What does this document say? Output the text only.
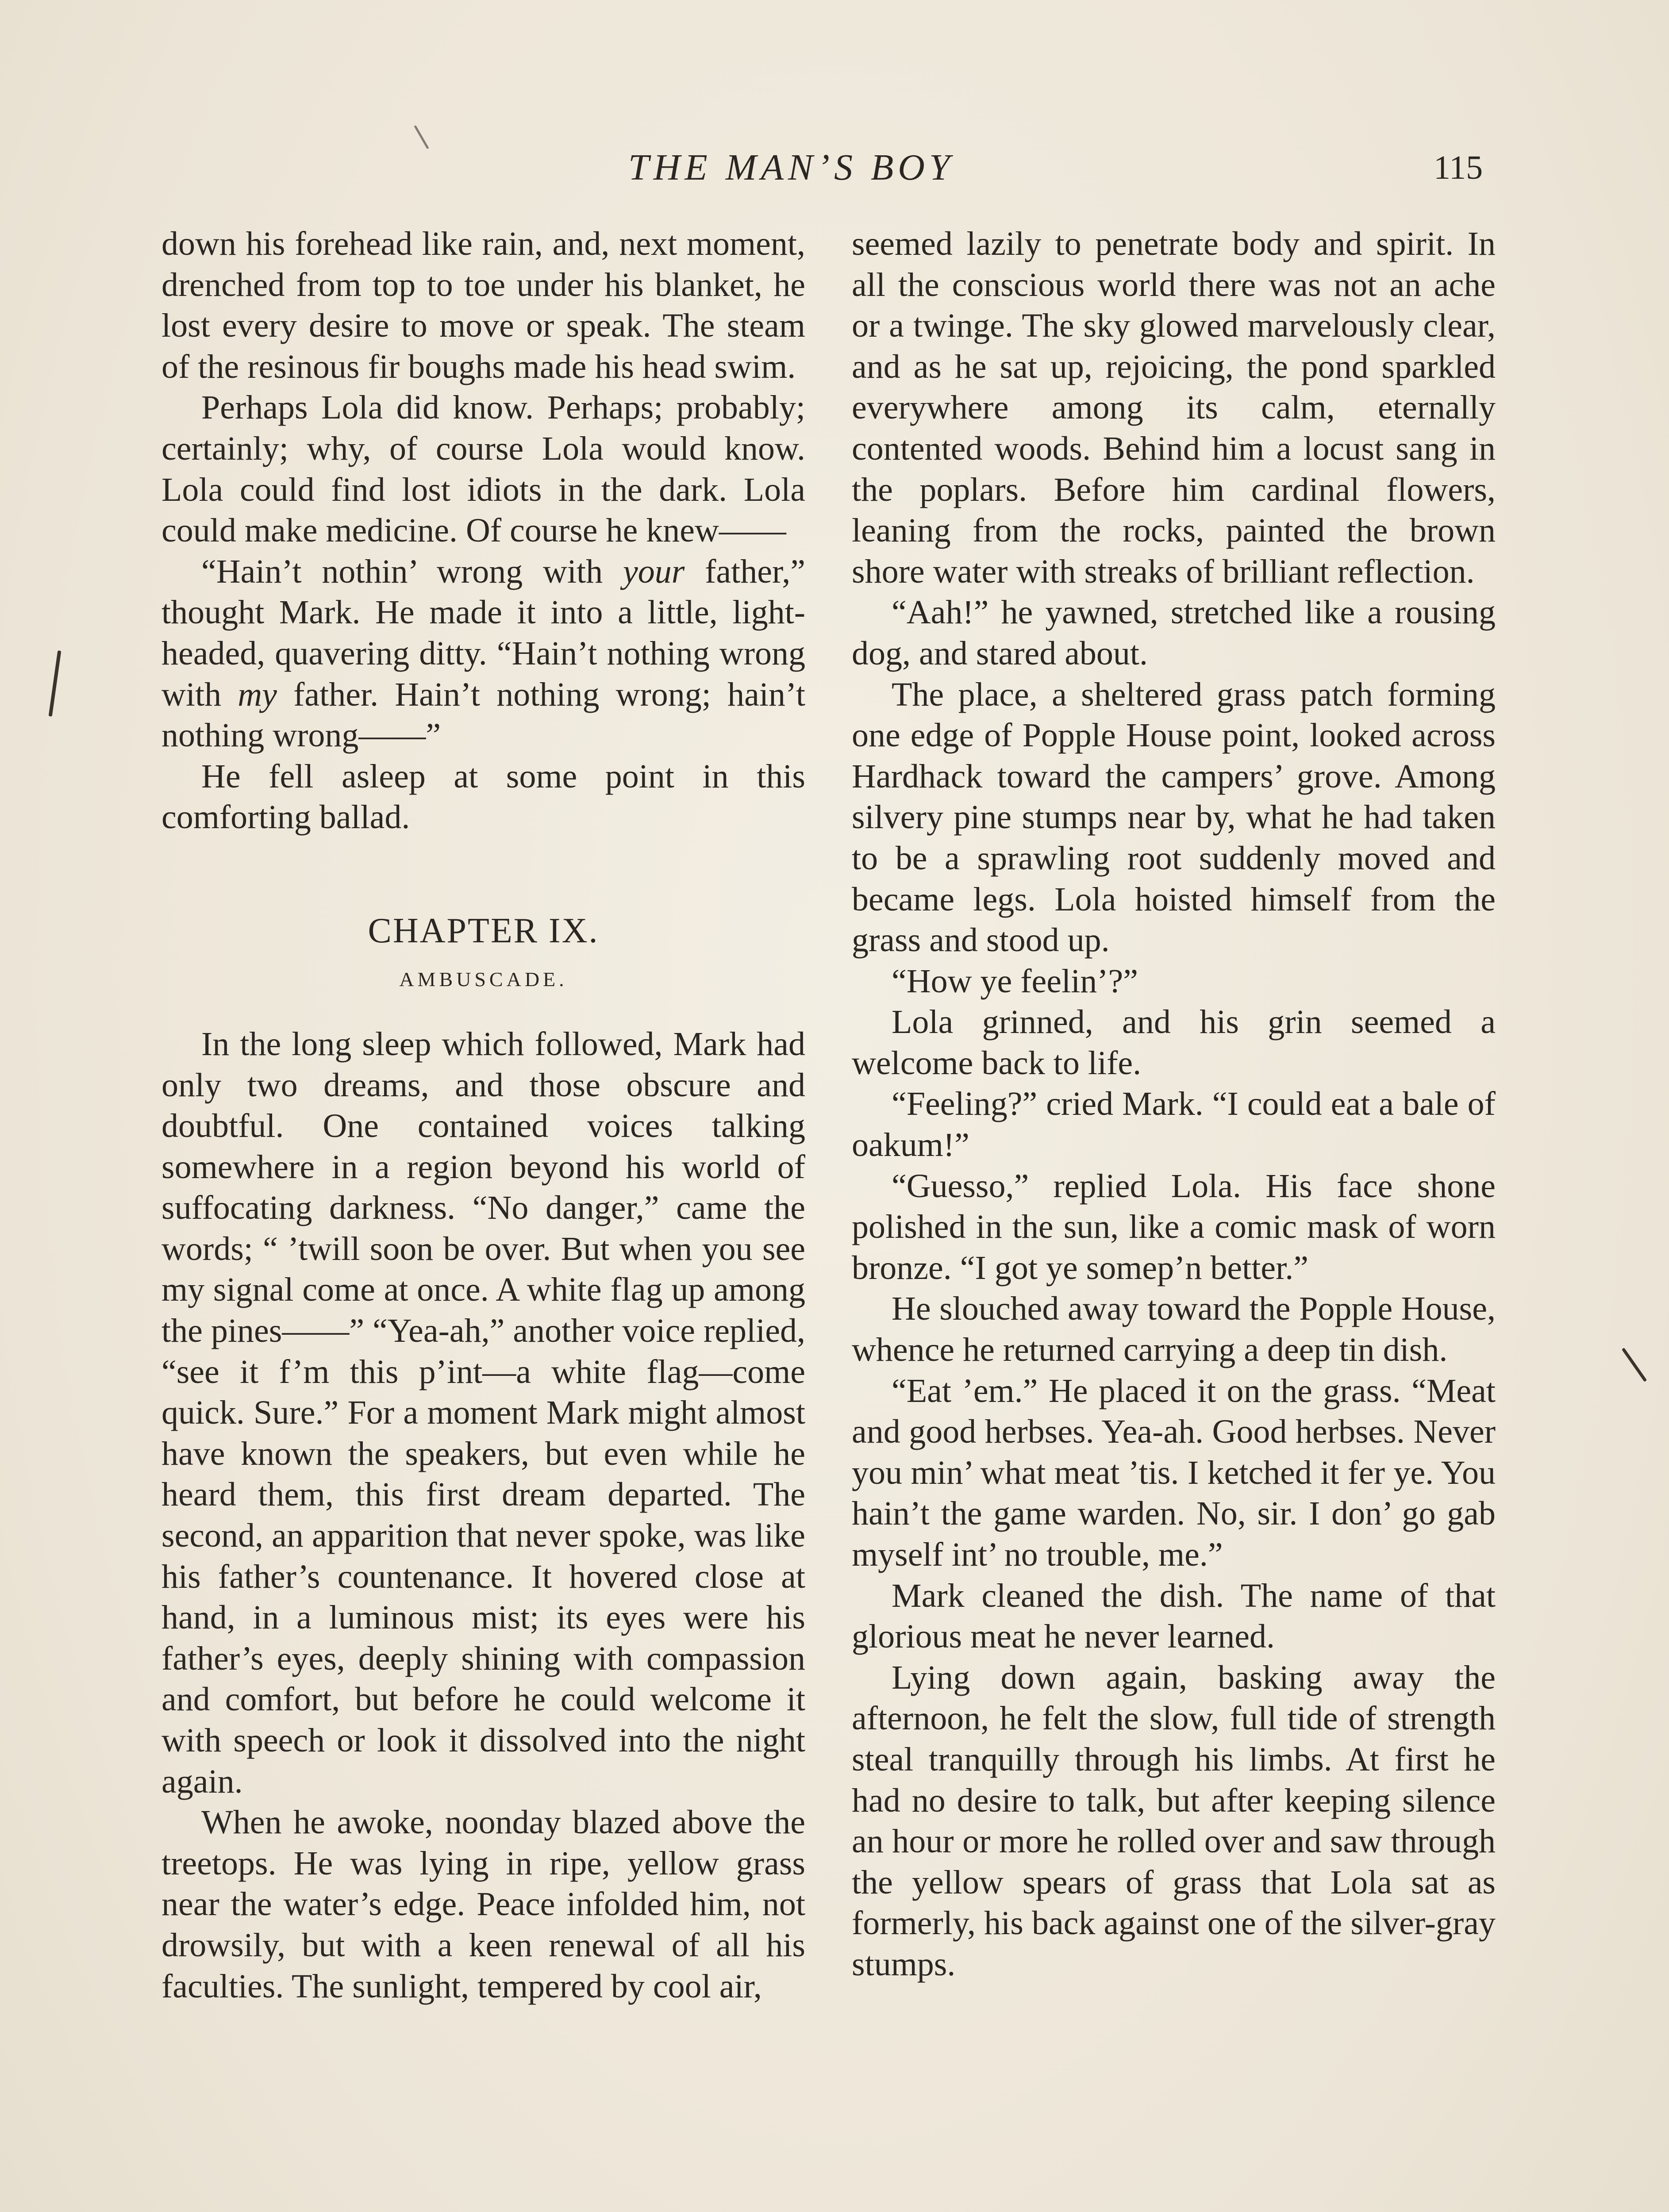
THE MAN’S BOY	115

down his forehead like rain, and, next moment, drenched from top to toe under his blanket, he lost every desire to move or speak. The steam of the resinous fir boughs made his head swim.

Perhaps Lola did know. Perhaps; probably; certainly; why, of course Lola would know. Lola could find lost idiots in the dark. Lola could make medicine. Of course he knew——

“Hain’t nothin’ wrong with your father,” thought Mark. He made it into a little, light-headed, quavering ditty. “Hain’t nothing wrong with my father. Hain’t nothing wrong; hain’t nothing wrong——”

He fell asleep at some point in this comforting ballad.

CHAPTER IX.
AMBUSCADE.

In the long sleep which followed, Mark had only two dreams, and those obscure and doubtful. One contained voices talking somewhere in a region beyond his world of suffocating darkness. “No danger,” came the words; “ ’twill soon be over. But when you see my signal come at once. A white flag up among the pines——” “Yea-ah,” another voice replied, “see it f’m this p’int—a white flag—come quick. Sure.” For a moment Mark might almost have known the speakers, but even while he heard them, this first dream departed. The second, an apparition that never spoke, was like his father’s countenance. It hovered close at hand, in a luminous mist; its eyes were his father’s eyes, deeply shining with compassion and comfort, but before he could welcome it with speech or look it dissolved into the night again.

When he awoke, noonday blazed above the treetops. He was lying in ripe, yellow grass near the water’s edge. Peace infolded him, not drowsily, but with a keen renewal of all his faculties. The sunlight, tempered by cool air,

seemed lazily to penetrate body and spirit. In all the conscious world there was not an ache or a twinge. The sky glowed marvelously clear, and as he sat up, rejoicing, the pond sparkled everywhere among its calm, eternally contented woods. Behind him a locust sang in the poplars. Before him cardinal flowers, leaning from the rocks, painted the brown shore water with streaks of brilliant reflection.

“Aah!” he yawned, stretched like a rousing dog, and stared about.

The place, a sheltered grass patch forming one edge of Popple House point, looked across Hardhack toward the campers’ grove. Among silvery pine stumps near by, what he had taken to be a sprawling root suddenly moved and became legs. Lola hoisted himself from the grass and stood up.

“How ye feelin’?”

Lola grinned, and his grin seemed a welcome back to life.

“Feeling?” cried Mark. “I could eat a bale of oakum!”

“Guesso,” replied Lola. His face shone polished in the sun, like a comic mask of worn bronze. “I got ye somep’n better.”

He slouched away toward the Popple House, whence he returned carrying a deep tin dish.

“Eat ’em.” He placed it on the grass. “Meat and good herbses. Yea-ah. Good herbses. Never you min’ what meat ’tis. I ketched it fer ye. You hain’t the game warden. No, sir. I don’ go gab myself int’ no trouble, me.”

Mark cleaned the dish. The name of that glorious meat he never learned.

Lying down again, basking away the afternoon, he felt the slow, full tide of strength steal tranquilly through his limbs. At first he had no desire to talk, but after keeping silence an hour or more he rolled over and saw through the yellow spears of grass that Lola sat as formerly, his back against one of the silver-gray stumps.
